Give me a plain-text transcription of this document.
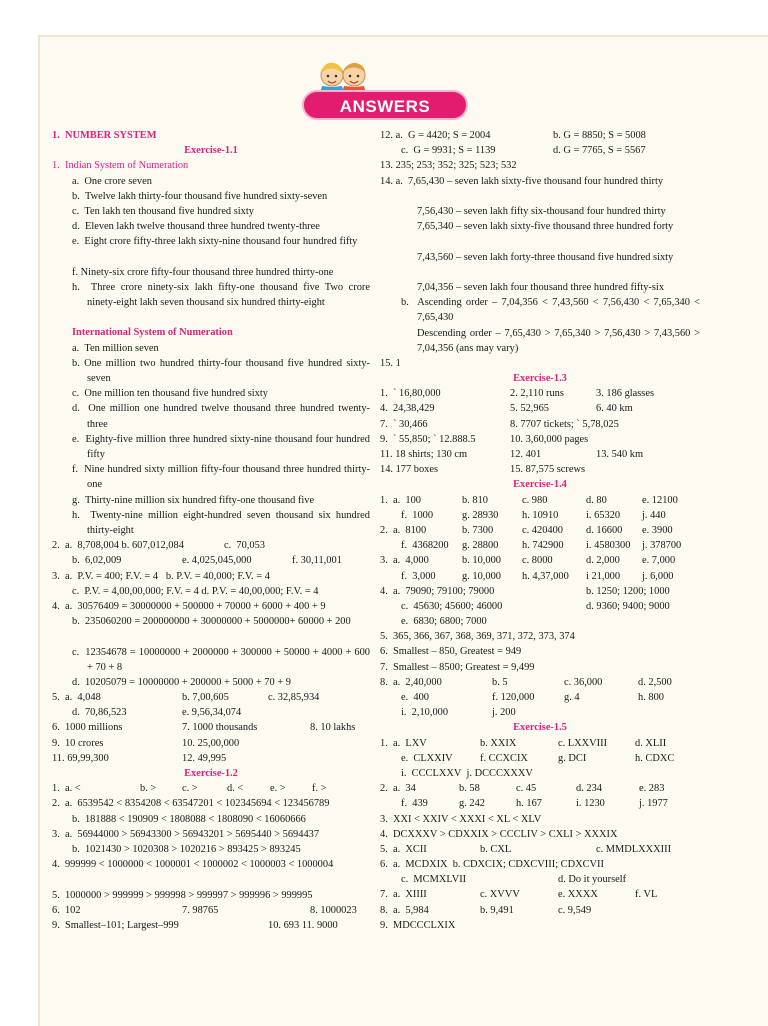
ANSWERS
1.  NUMBER SYSTEM
Exercise-1.1
1.  Indian System of Numeration
a.  One crore seven
b.  Twelve lakh thirty-four thousand five hundred sixty-seven
c.  Ten lakh ten thousand five hundred sixty
d.  Eleven lakh twelve thousand three hundred twenty-three
e.  Eight crore fifty-three lakh sixty-nine thousand four hundred fifty
f. Ninety-six crore fifty-four thousand three hundred thirty-one
h.  Three crore ninety-six lakh fifty-one thousand five Two crore ninety-eight lakh seven thousand six hundred thirty-eight
International System of Numeration
a.  Ten million seven
b. One million two hundred thirty-four thousand five hundred sixty-seven
c.  One million ten thousand five hundred sixty
d.  One million one hundred twelve thousand three hundred twenty-three
e.  Eighty-five million three hundred sixty-nine thousand four hundred fifty
f.  Nine hundred sixty million fifty-four thousand three hundred thirty-one
g.  Thirty-nine million six hundred fifty-one thousand five
h.  Twenty-nine million eight-hundred seven thousand six hundred thirty-eight
2.  a.  8,708,004 b. 607,012,084	c.  70,053
b.  6,02,009	e. 4,025,045,000	f. 30,11,001
3.  a.  P.V. = 400; F.V. = 4   b. P.V. = 40,000; F.V. = 4
c.  P.V. = 4,00,00,000; F.V. = 4 d. P.V. = 40,00,000; F.V. = 4
4.  a.  30576409 = 30000000 + 500000 + 70000 + 6000 + 400 + 9
b.  235060200 = 200000000 + 30000000 + 5000000+ 60000 + 200
c.  12354678 = 10000000 + 2000000 + 300000 + 50000 + 4000 + 600 + 70 + 8
d.  10205079 = 10000000 + 200000 + 5000 + 70 + 9
5.  a.  4,048	b. 7,00,605	c. 32,85,934
d.  70,86,523	e. 9,56,34,074
6.  1000 millions	7. 1000 thousands	8. 10 lakhs
9.  10 crores	10. 25,00,000
11. 69,99,300	12. 49,995
Exercise-1.2
1.  a. <	b. > c. >	d. <	e. >	f. >
2.  a.  6539542 < 8354208 < 63547201 < 102345694 < 123456789
b.  181888 < 190909 < 1808088 < 1808090 < 16060666
3.  a.  56944000 > 56943300 > 56943201 > 5695440 > 5694437
b.  1021430 > 1020308 > 1020216 > 893425 > 893245
4.  999999 < 1000000 < 1000001 < 1000002 < 1000003 < 1000004
5.  1000000 > 999999 > 999998 > 999997 > 999996 > 999995
6.  102	7. 98765	8. 1000023
9.  Smallest–101; Largest–999	10. 693 11. 9000
12. a.  G = 4420; S = 2004	b. G = 8850; S = 5008
c.  G = 9931; S = 1139	d. G = 7765, S = 5567
13. 235; 253; 352; 325; 523; 532
14. a.  7,65,430 – seven lakh sixty-five thousand four hundred thirty
7,56,430 – seven lakh fifty six-thousand four hundred thirty
7,65,340 – seven lakh sixty-five thousand three hundred forty
7,43,560 – seven lakh forty-three thousand five hundred sixty
7,04,356 – seven lakh four thousand three hundred fifty-six
b.  Ascending order – 7,04,356 < 7,43,560 < 7,56,430 < 7,65,340 < 7,65,430
Descending order – 7,65,430 > 7,65,340 > 7,56,430 > 7,43,560 > 7,04,356 (ans may vary)
15. 1
Exercise-1.3
1.  ` 16,80,000	2. 2,110 runs	3. 186 glasses
4.  24,38,429	5. 52,965	6. 40 km
7.  ` 30,466	8. 7707 tickets; ` 5,78,025
9.  ` 55,850; ` 12.888.5	10. 3,60,000 pages
11. 18 shirts; 130 cm	12. 401	13. 540 km
14. 177 boxes	15. 87,575 screws
Exercise-1.4
1.  a.  100	b. 810	c. 980	d. 80	e. 12100
f.  1000	g. 28930 h. 10910	i. 65320 j. 440
2.  a.  8100	b. 7300	c. 420400 d. 16600 e. 3900
f.  4368200 g. 28800 h. 742900 i. 4580300 j. 378700
3.  a.  4,000	b. 10,000 c. 8000	d. 2,000 e. 7,000
f.  3,000	g. 10,000 h. 4,37,000 i 21,000 j. 6,000
4.  a.  79090; 79100; 79000	b. 1250; 1200; 1000
c.  45630; 45600; 46000	d. 9360; 9400; 9000
e.  6830; 6800; 7000
5.  365, 366, 367, 368, 369, 371, 372, 373, 374
6.  Smallest – 850, Greatest = 949
7.  Smallest – 8500; Greatest = 9,499
8.  a.  2,40,000	b. 5	c. 36,000	d. 2,500
e.  400	f. 120,000	g. 4	h. 800
i.  2,10,000	j. 200
Exercise-1.5
1.  a.  LXV	b. XXIX	c. LXXVIII	d. XLII
e.  CLXXIV	f. CCXCIX	g. DCI	h. CDXC
i.  CCCLXXV  j. DCCCXXXV
2.  a.  34	b. 58	c. 45	d. 234	e. 283
f.  439	g. 242	h. 167	i. 1230	j. 1977
3.  XXI < XXIV < XXXI < XL < XLV
4.  DCXXXV > CDXXIX > CCCLIV > CXLI > XXXIX
5.  a.  XCII	b. CXL	c. MMDLXXXIII
6.  a.  MCDXIX  b. CDXCIX; CDXCVIII; CDXCVII
c.  MCMXLVII	d. Do it yourself
7.  a.  XIIII	c. XVVV	e. XXXX	f. VL
8.  a.  5,984	b. 9,491	c. 9,549
9.  MDCCCLXIX
